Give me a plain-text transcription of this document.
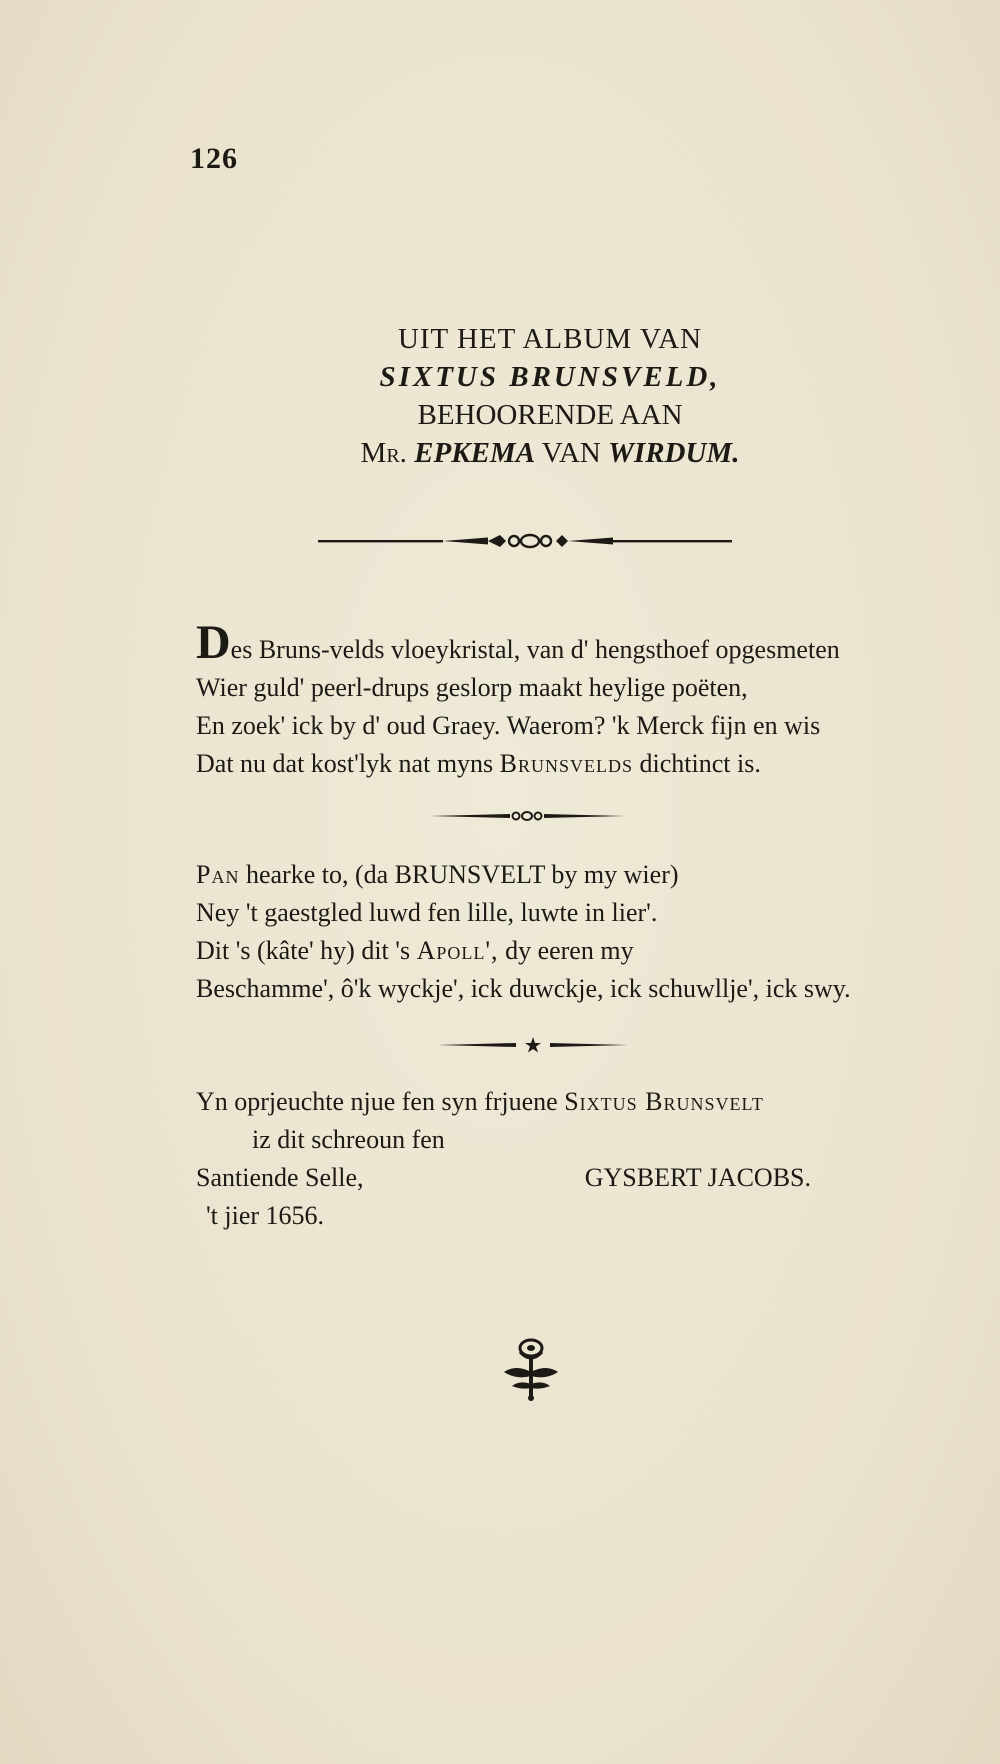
126
UIT HET ALBUM VAN
SIXTUS BRUNSVELD,
BEHOORENDE AAN
Mr. EPKEMA VAN WIRDUM.
Des Bruns-velds vloeykristal, van d' hengsthoef opgesmeten
Wier guld' peerl-drups geslorp maakt heylige poëten,
En zoek' ick by d' oud Graey. Waerom? 'k Merck fijn en wis
Dat nu dat kost'lyk nat myns Brunsvelds dichtinct is.
Pan hearke to, (da BRUNSVELT by my wier)
Ney 't gaestgled luwd fen lille, luwte in lier'.
Dit 's (kâte' hy) dit 's Apoll', dy eeren my
Beschamme', ô'k wyckje', ick duwckje, ick schuwllje', ick swy.
Yn oprjeuchte njue fen syn frjuene Sixtus Brunsvelt
iz dit schreoun fen
Santiende Selle,	GYSBERT JACOBS.
't jier 1656.
